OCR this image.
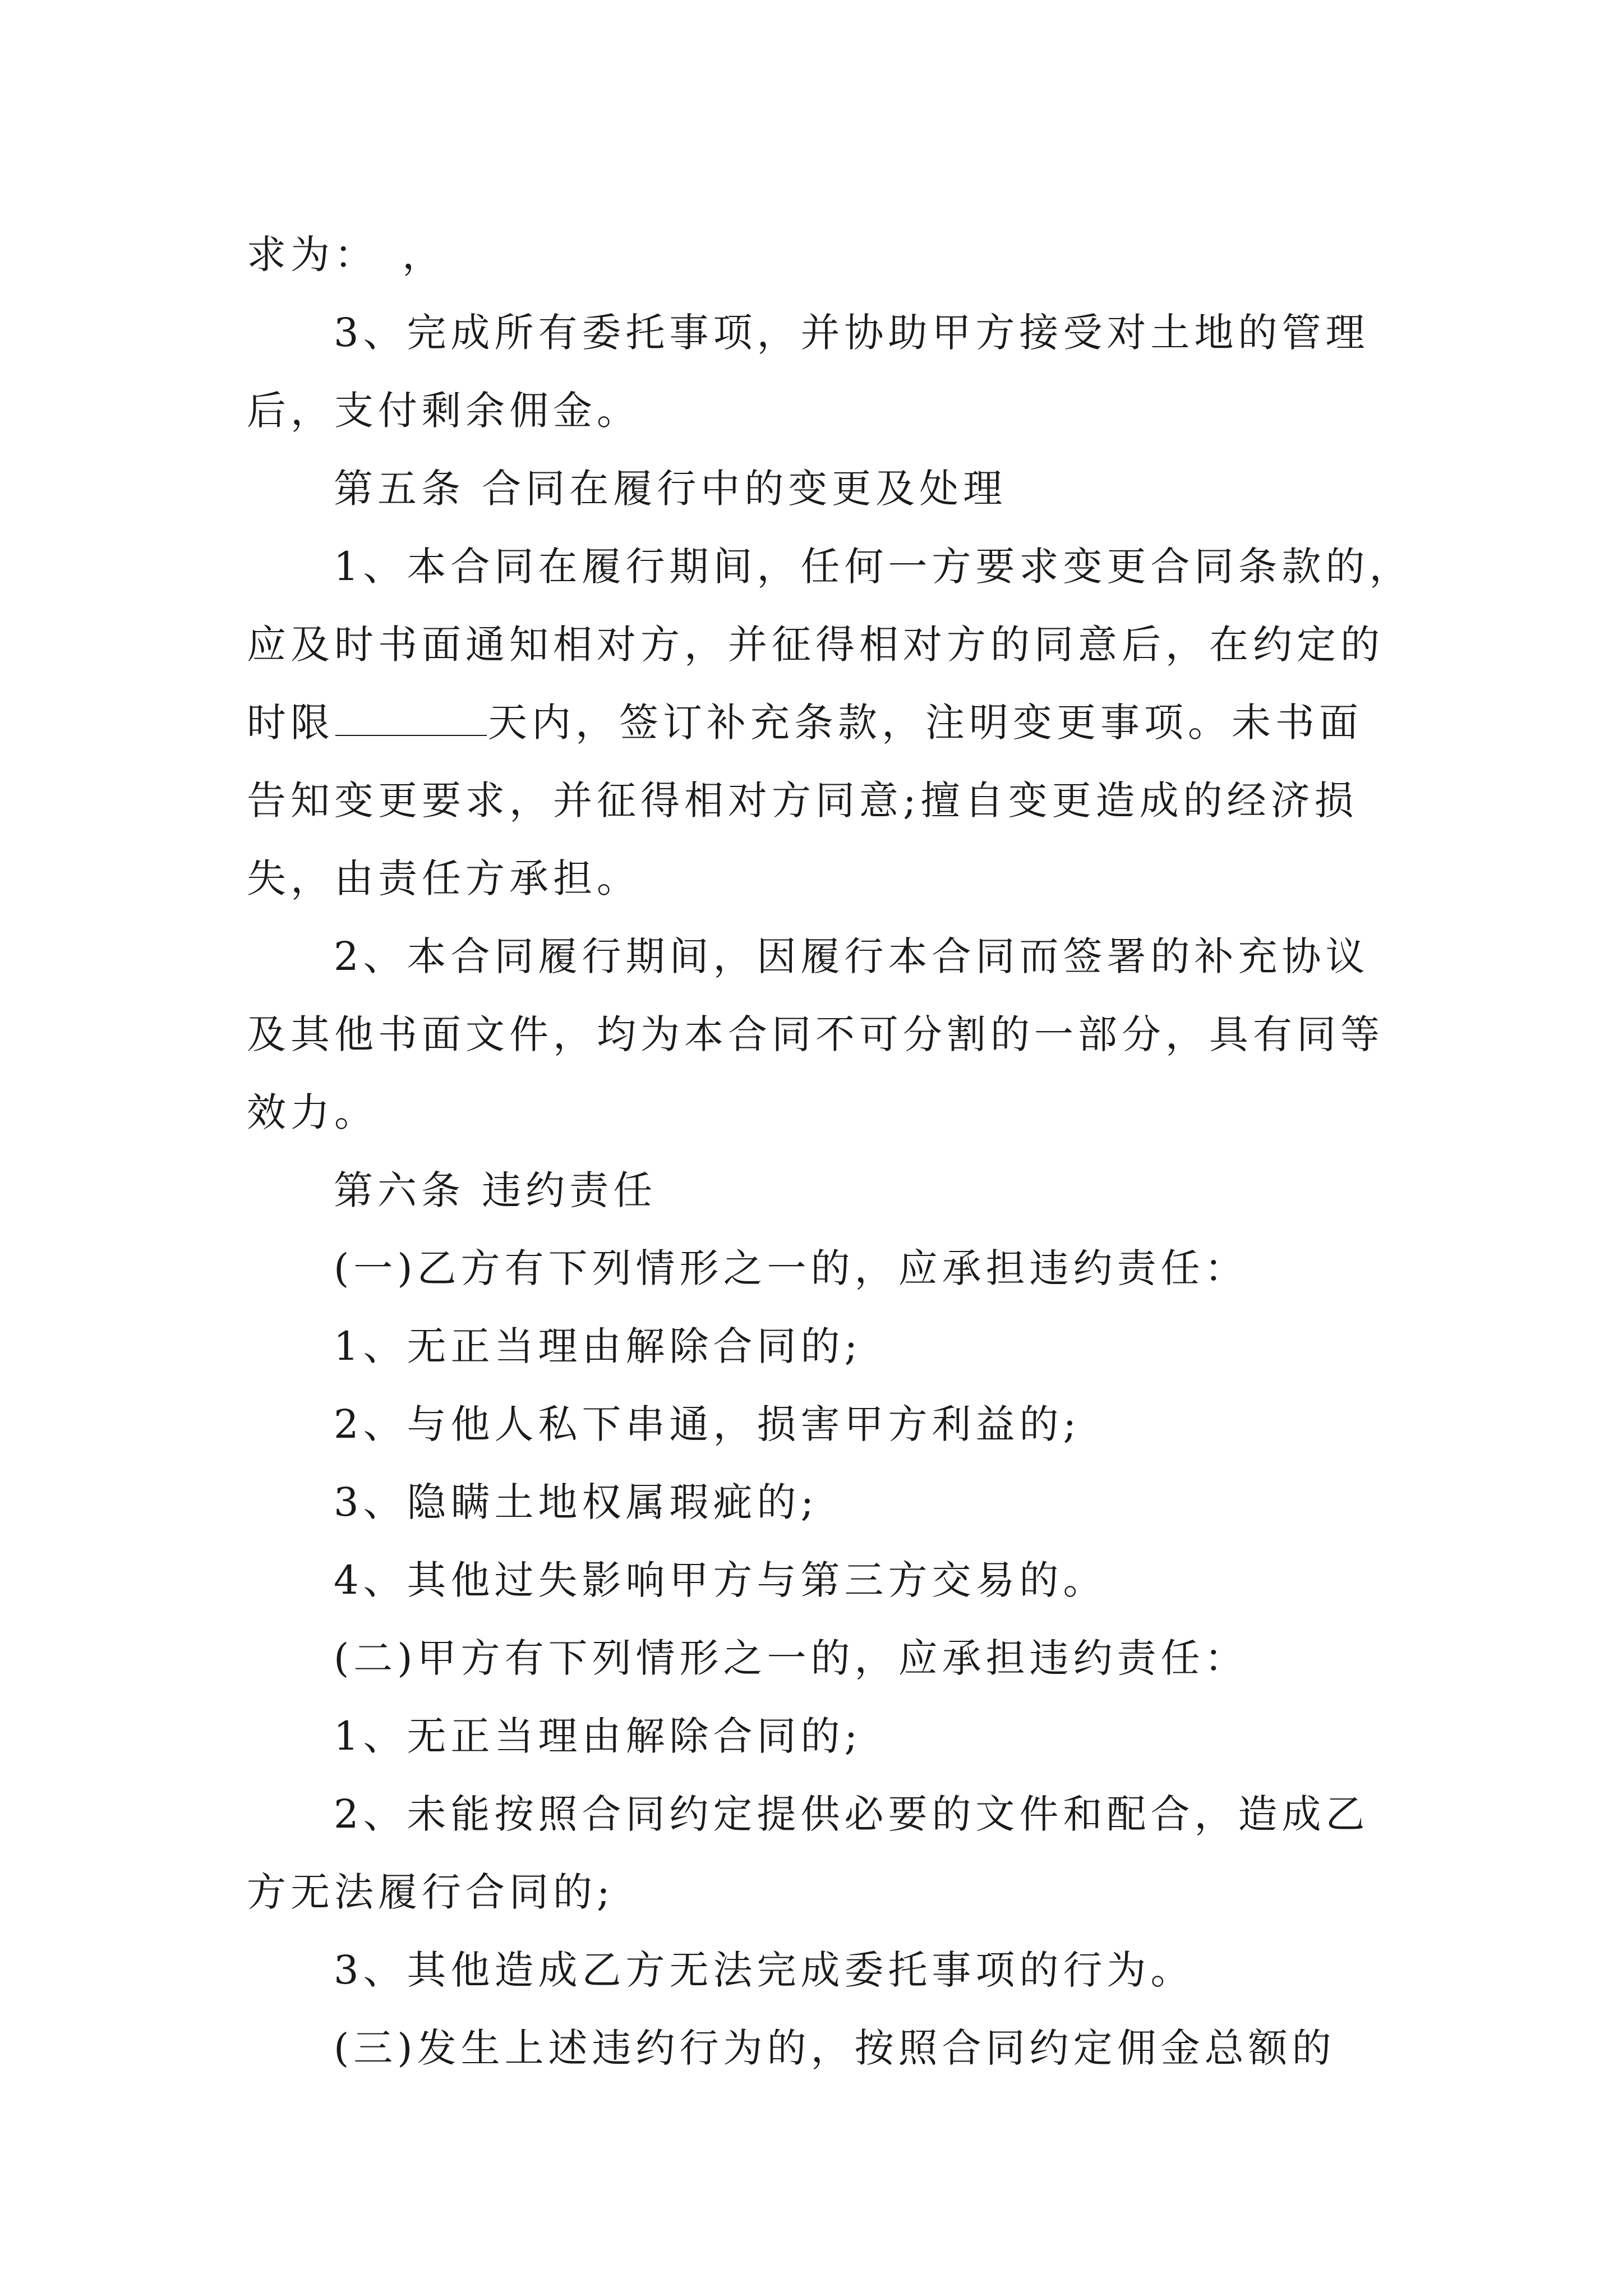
求为：　，
3、完成所有委托事项，并协助甲方接受对土地的管理
后，支付剩余佣金。
第五条 合同在履行中的变更及处理
1、本合同在履行期间，任何一方要求变更合同条款的，
应及时书面通知相对方，并征得相对方的同意后，在约定的
时限	天内，签订补充条款，注明变更事项。未书面
告知变更要求，并征得相对方同意;擅自变更造成的经济损
失，由责任方承担。
2、本合同履行期间，因履行本合同而签署的补充协议
及其他书面文件，均为本合同不可分割的一部分，具有同等
效力。
第六条 违约责任
(一)乙方有下列情形之一的，应承担违约责任：
1、无正当理由解除合同的;
2、与他人私下串通，损害甲方利益的;
3、隐瞒土地权属瑕疵的;
4、其他过失影响甲方与第三方交易的。
(二)甲方有下列情形之一的，应承担违约责任：
1、无正当理由解除合同的;
2、未能按照合同约定提供必要的文件和配合，造成乙
方无法履行合同的;
3、其他造成乙方无法完成委托事项的行为。
(三)发生上述违约行为的，按照合同约定佣金总额的
